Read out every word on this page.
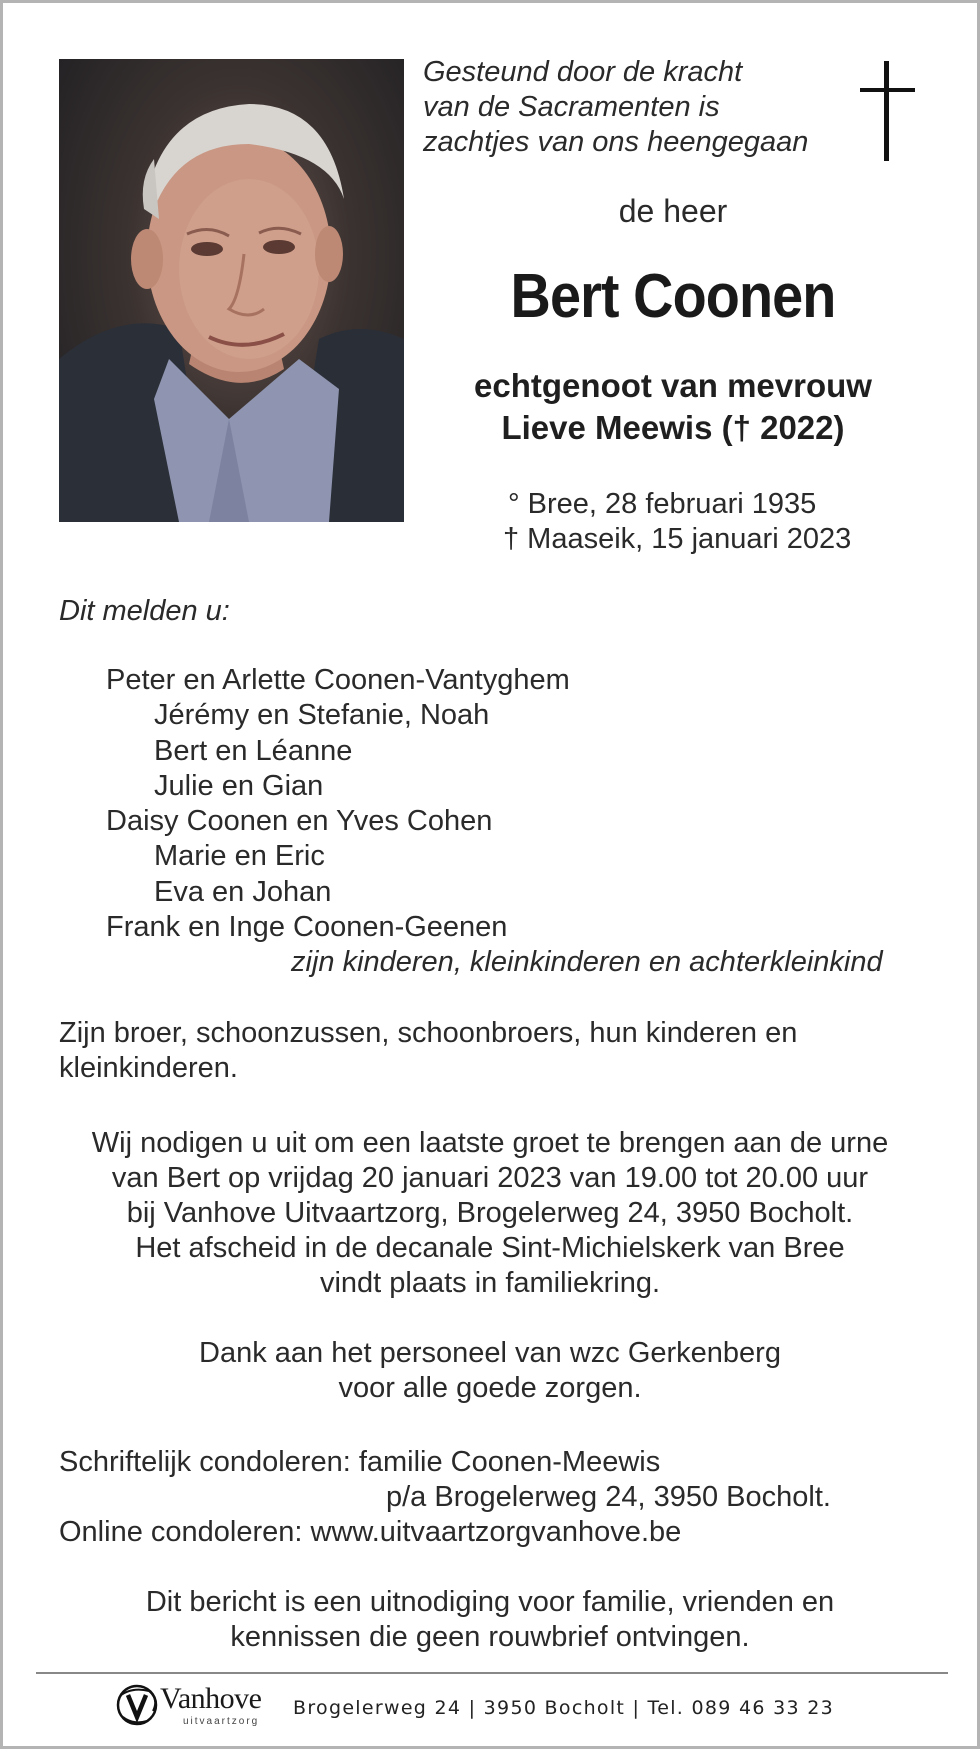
Gesteund door de kracht
van de Sacramenten is
zachtjes van ons heengegaan
de heer
Bert Coonen
echtgenoot van mevrouw
Lieve Meewis († 2022)
° Bree, 28 februari 1935
† Maaseik, 15 januari 2023
Dit melden u:
Peter en Arlette Coonen-Vantyghem
Jérémy en Stefanie, Noah
Bert en Léanne
Julie en Gian
Daisy Coonen en Yves Cohen
Marie en Eric
Eva en Johan
Frank en Inge Coonen-Geenen
zijn kinderen, kleinkinderen en achterkleinkind
Zijn broer, schoonzussen, schoonbroers, hun kinderen en
kleinkinderen.
Wij nodigen u uit om een laatste groet te brengen aan de urne
van Bert op vrijdag 20 januari 2023 van 19.00 tot 20.00 uur
bij Vanhove Uitvaartzorg, Brogelerweg 24, 3950 Bocholt.
Het afscheid in de decanale Sint-Michielskerk van Bree
vindt plaats in familiekring.
Dank aan het personeel van wzc Gerkenberg
voor alle goede zorgen.
Schriftelijk condoleren: familie Coonen-Meewis
p/a Brogelerweg 24, 3950 Bocholt.
Online condoleren: www.uitvaartzorgvanhove.be
Dit bericht is een uitnodiging voor familie, vrienden en
kennissen die geen rouwbrief ontvingen.
Vanhove
uitvaartzorg
Brogelerweg 24 | 3950 Bocholt | Tel. 089 46 33 23
